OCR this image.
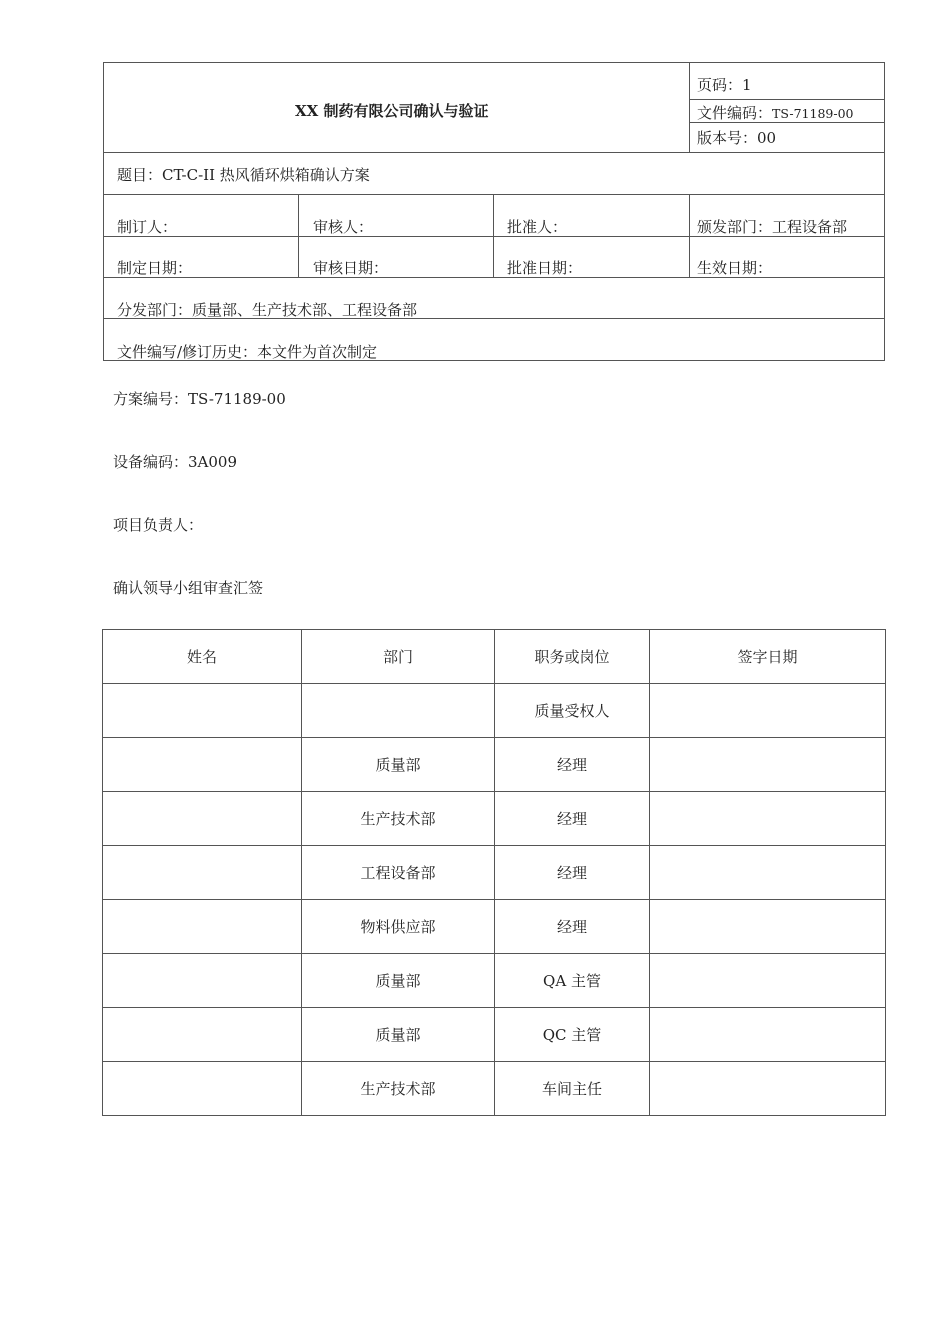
XX 制药有限公司确认与验证
页码：1
文件编码：TS-71189-00
版本号：00
题目：CT-C-II 热风循环烘箱确认方案
制订人：	审核人：	批准人：	颁发部门：工程设备部
制定日期：	审核日期：	批准日期：	生效日期：
分发部门：质量部、生产技术部、工程设备部
文件编写/修订历史：本文件为首次制定
方案编号：TS-71189-00
设备编码：3A009
项目负责人：
确认领导小组审查汇签
姓名	部门	职务或岗位	签字日期
		质量受权人	
	质量部	经理	
	生产技术部	经理	
	工程设备部	经理	
	物料供应部	经理	
	质量部	QA 主管	
	质量部	QC 主管	
	生产技术部	车间主任	
